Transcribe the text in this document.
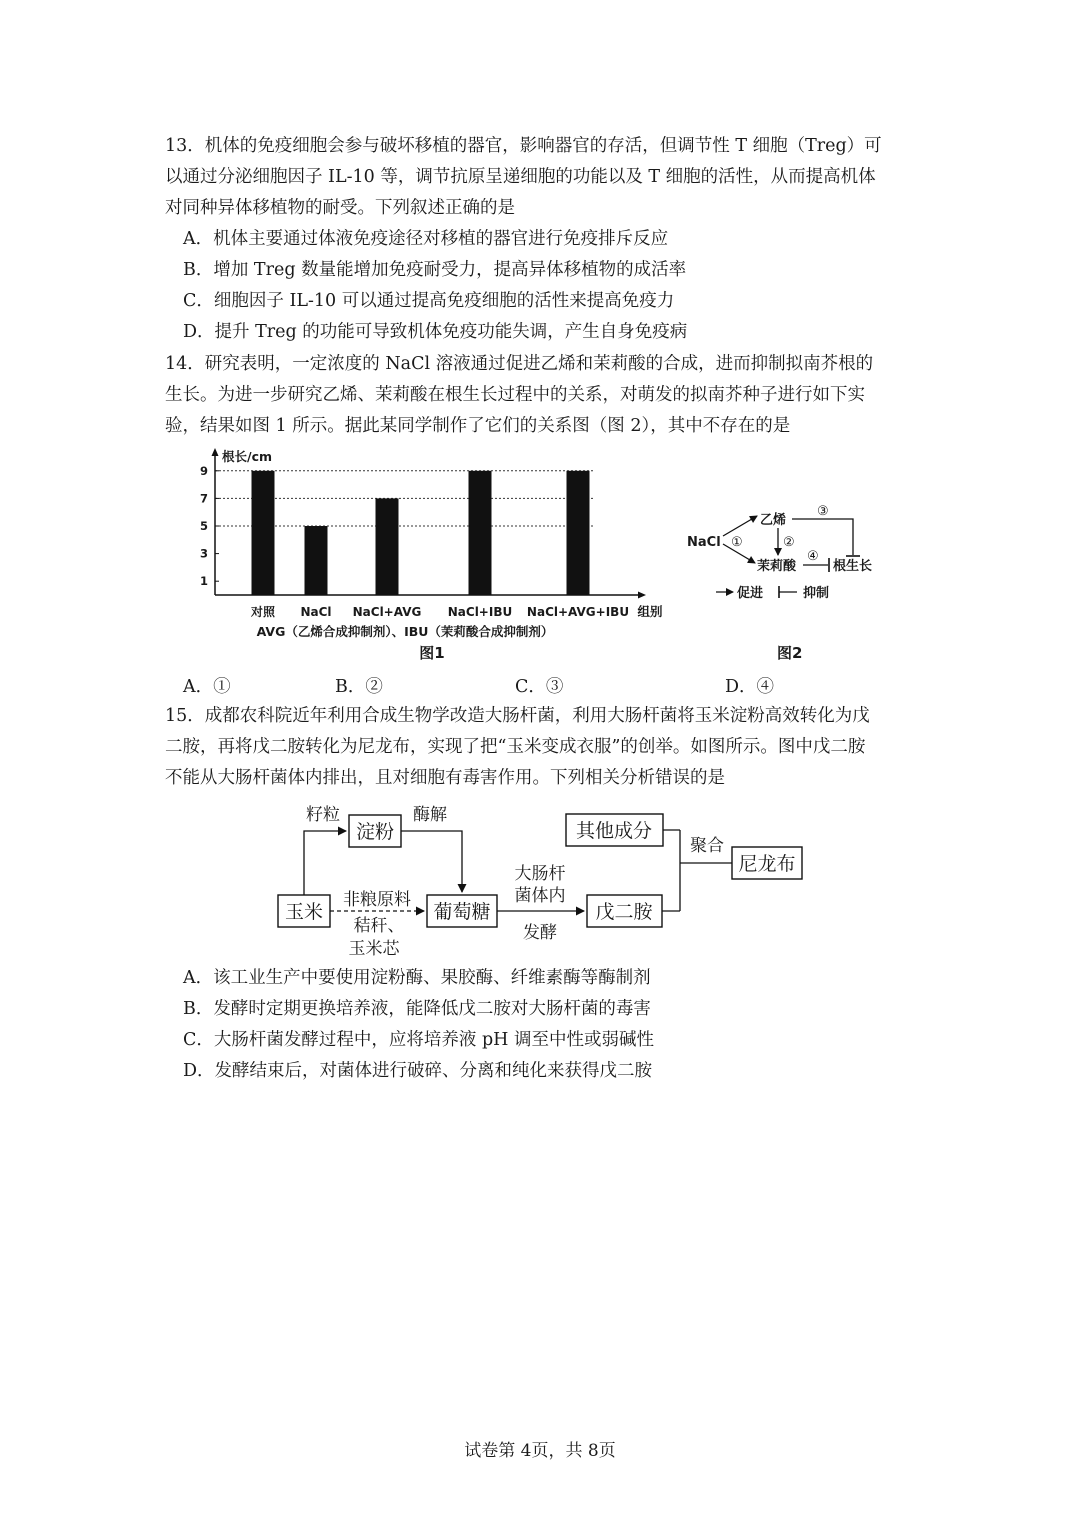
13．机体的免疫细胞会参与破坏移植的器官，影响器官的存活，但调节性 T 细胞（Treg）可
以通过分泌细胞因子 IL-10 等，调节抗原呈递细胞的功能以及 T 细胞的活性，从而提高机体
对同种异体移植物的耐受。下列叙述正确的是
A．机体主要通过体液免疫途径对移植的器官进行免疫排斥反应
B．增加 Treg 数量能增加免疫耐受力，提高异体移植物的成活率
C．细胞因子 IL-10 可以通过提高免疫细胞的活性来提高免疫力
D．提升 Treg 的功能可导致机体免疫功能失调，产生自身免疫病
14．研究表明，一定浓度的 NaCl 溶液通过促进乙烯和茉莉酸的合成，进而抑制拟南芥根的
生长。为进一步研究乙烯、茉莉酸在根生长过程中的关系，对萌发的拟南芥种子进行如下实
验，结果如图 1 所示。据此某同学制作了它们的关系图（图 2），其中不存在的是
根长/cm
组别
AVG（乙烯合成抑制剂）、IBU（茉莉酸合成抑制剂）
图1
1
3
5
7
9
对照 NaCl NaCl+AVG NaCl+IBU NaCl+AVG+IBU
NaCl
乙烯
茉莉酸	根生长
①	②
③
④
促进	抑制
图2
A．①	B．②	C．③	D．④
15．成都农科院近年利用合成生物学改造大肠杆菌，利用大肠杆菌将玉米淀粉高效转化为戊
二胺，再将戊二胺转化为尼龙布，实现了把“玉米变成衣服”的创举。如图所示。图中戊二胺
不能从大肠杆菌体内排出，且对细胞有毒害作用。下列相关分析错误的是
玉米
淀粉
葡萄糖	戊二胺
其他成分
尼龙布
籽粒	酶解
非粮原料
秸秆、
玉米芯
大肠杆
菌体内
发酵
聚合
A．该工业生产中要使用淀粉酶、果胶酶、纤维素酶等酶制剂
B．发酵时定期更换培养液，能降低戊二胺对大肠杆菌的毒害
C．大肠杆菌发酵过程中，应将培养液 pH 调至中性或弱碱性
D．发酵结束后，对菌体进行破碎、分离和纯化来获得戊二胺
试卷第 4页，共 8页
